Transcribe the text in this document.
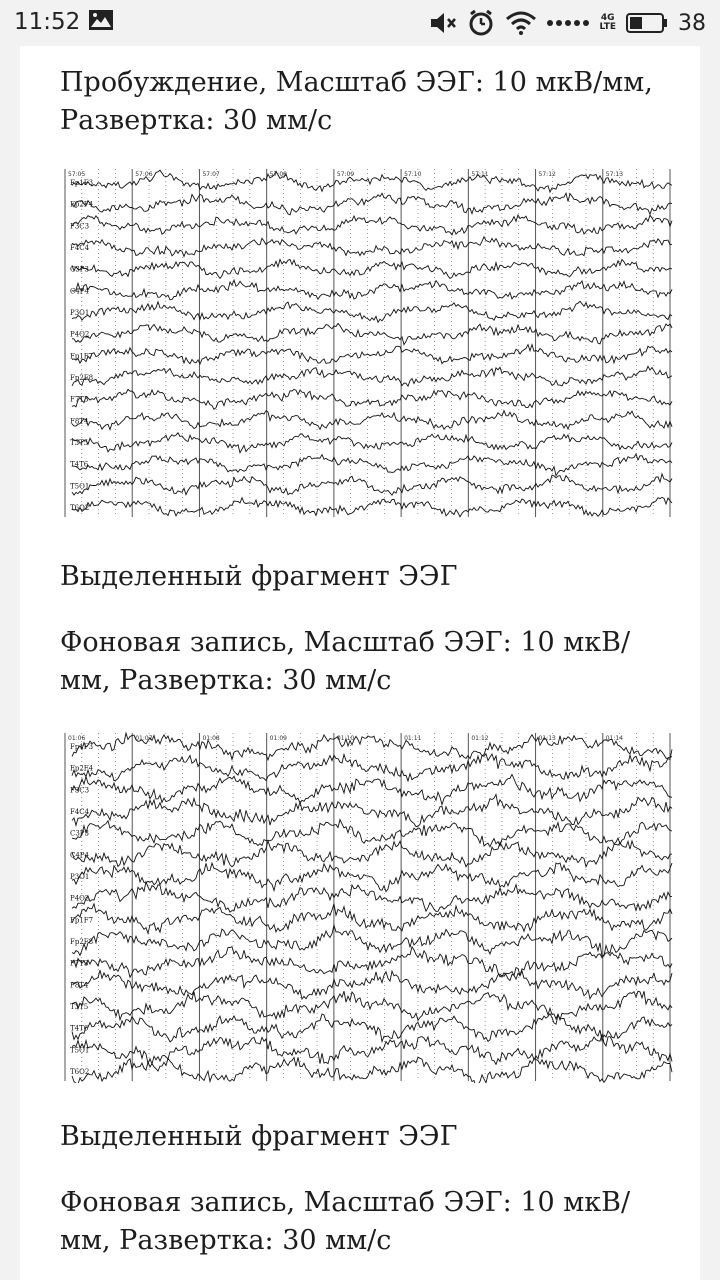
11:52	4G
LTE	38
Пробуждение, Масштаб ЭЭГ: 10 мкВ/мм, Развертка: 30 мм/с
57:05	57:06	57:07	57:08	57:09	57:10	57:11	57:12	57:13
Fp1F3
Fp2F4
F3C3
F4C4
C3P3
C4P4
P3O1
P4O2
Fp1F7
Fp2F8
F7T3
F8T4
T3T5
T4T6
T5O1
T6O2
Выделенный фрагмент ЭЭГ
Фоновая запись, Масштаб ЭЭГ: 10 мкВ/мм, Развертка: 30 мм/с
01:06	01:07	01:08	01:09	01:10	01:11	01:12	01:13	01:14
Fp1F3
Fp2F4
F3C3
F4C4
C3P3
C4P4
P3O1
P4O2
Fp1F7
Fp2F8
F7T3
F8T4
T3T5
T4T6
T5O1
T6O2
Выделенный фрагмент ЭЭГ
Фоновая запись, Масштаб ЭЭГ: 10 мкВ/мм, Развертка: 30 мм/с
